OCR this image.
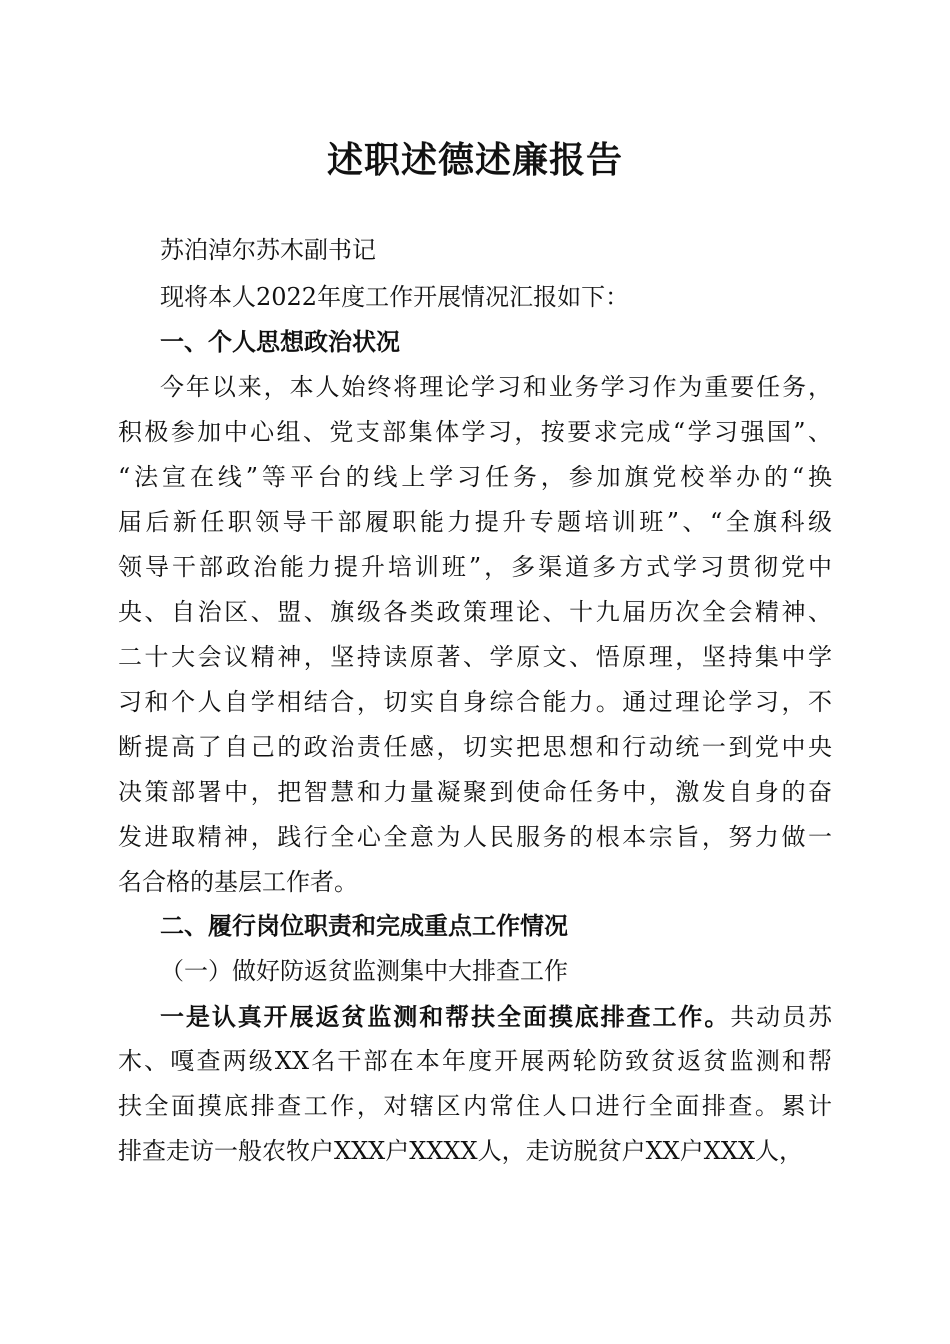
述职述德述廉报告

苏泊淖尔苏木副书记

现将本人2022年度工作开展情况汇报如下：

一、个人思想政治状况

今年以来，本人始终将理论学习和业务学习作为重要任务，

积极参加中心组、党支部集体学习，按要求完成“学习强国”、

“法宣在线”等平台的线上学习任务，参加旗党校举办的“换

届后新任职领导干部履职能力提升专题培训班”、“全旗科级

领导干部政治能力提升培训班”，多渠道多方式学习贯彻党中

央、自治区、盟、旗级各类政策理论、十九届历次全会精神、

二十大会议精神，坚持读原著、学原文、悟原理，坚持集中学

习和个人自学相结合，切实自身综合能力。通过理论学习，不

断提高了自己的政治责任感，切实把思想和行动统一到党中央

决策部署中，把智慧和力量凝聚到使命任务中，激发自身的奋

发进取精神，践行全心全意为人民服务的根本宗旨，努力做一

名合格的基层工作者。

二、履行岗位职责和完成重点工作情况

（一）做好防返贫监测集中大排查工作

一是认真开展返贫监测和帮扶全面摸底排查工作。共动员苏

木、嘎查两级XX名干部在本年度开展两轮防致贫返贫监测和帮

扶全面摸底排查工作，对辖区内常住人口进行全面排查。累计

排查走访一般农牧户XXX户XXXX人，走访脱贫户XX户XXX人，
